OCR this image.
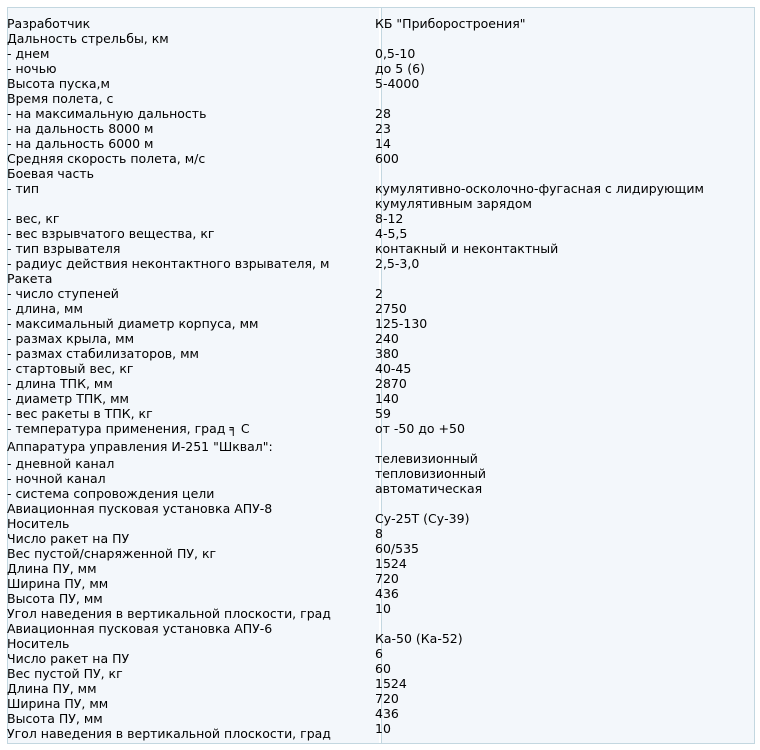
Разработчик	КБ "Приборостроения"
Дальность стрельбы, км
- днем	0,5-10
- ночью	до 5 (6)
Высота пуска,м	5-4000
Время полета, с
- на максимальную дальность	28
- на дальность 8000 м	23
- на дальность 6000 м	14
Средняя скорость полета, м/с	600
Боевая часть
- тип	кумулятивно-осколочно-фугасная с лидирующим
кумулятивным зарядом
- вес, кг	8-12
- вес взрывчатого вещества, кг	4-5,5
- тип взрывателя	контакный и неконтактный
- радиус действия неконтактного взрывателя, м	2,5-3,0
Ракета
- число ступеней	2
- длина, мм	2750
- максимальный диаметр корпуса, мм	125-130
- размах крыла, мм	240
- размах стабилизаторов, мм	380
- стартовый вес, кг	40-45
- длина ТПК, мм	2870
- диаметр ТПК, мм	140
- вес ракеты в ТПК, кг	59
- температура применения, град ╕ С	от -50 до +50
Аппаратура управления И-251 "Шквал":
- дневной канал	телевизионный
- ночной канал	тепловизионный
- система сопровождения цели	автоматическая
Авиационная пусковая установка АПУ-8
Носитель	Су-25Т (Су-39)
Число ракет на ПУ	8
Вес пустой/снаряженной ПУ, кг	60/535
Длина ПУ, мм	1524
Ширина ПУ, мм	720
Высота ПУ, мм	436
Угол наведения в вертикальной плоскости, град	10
Авиационная пусковая установка АПУ-6
Носитель	Ка-50 (Ка-52)
Число ракет на ПУ	6
Вес пустой ПУ, кг	60
Длина ПУ, мм	1524
Ширина ПУ, мм	720
Высота ПУ, мм	436
Угол наведения в вертикальной плоскости, град	10
